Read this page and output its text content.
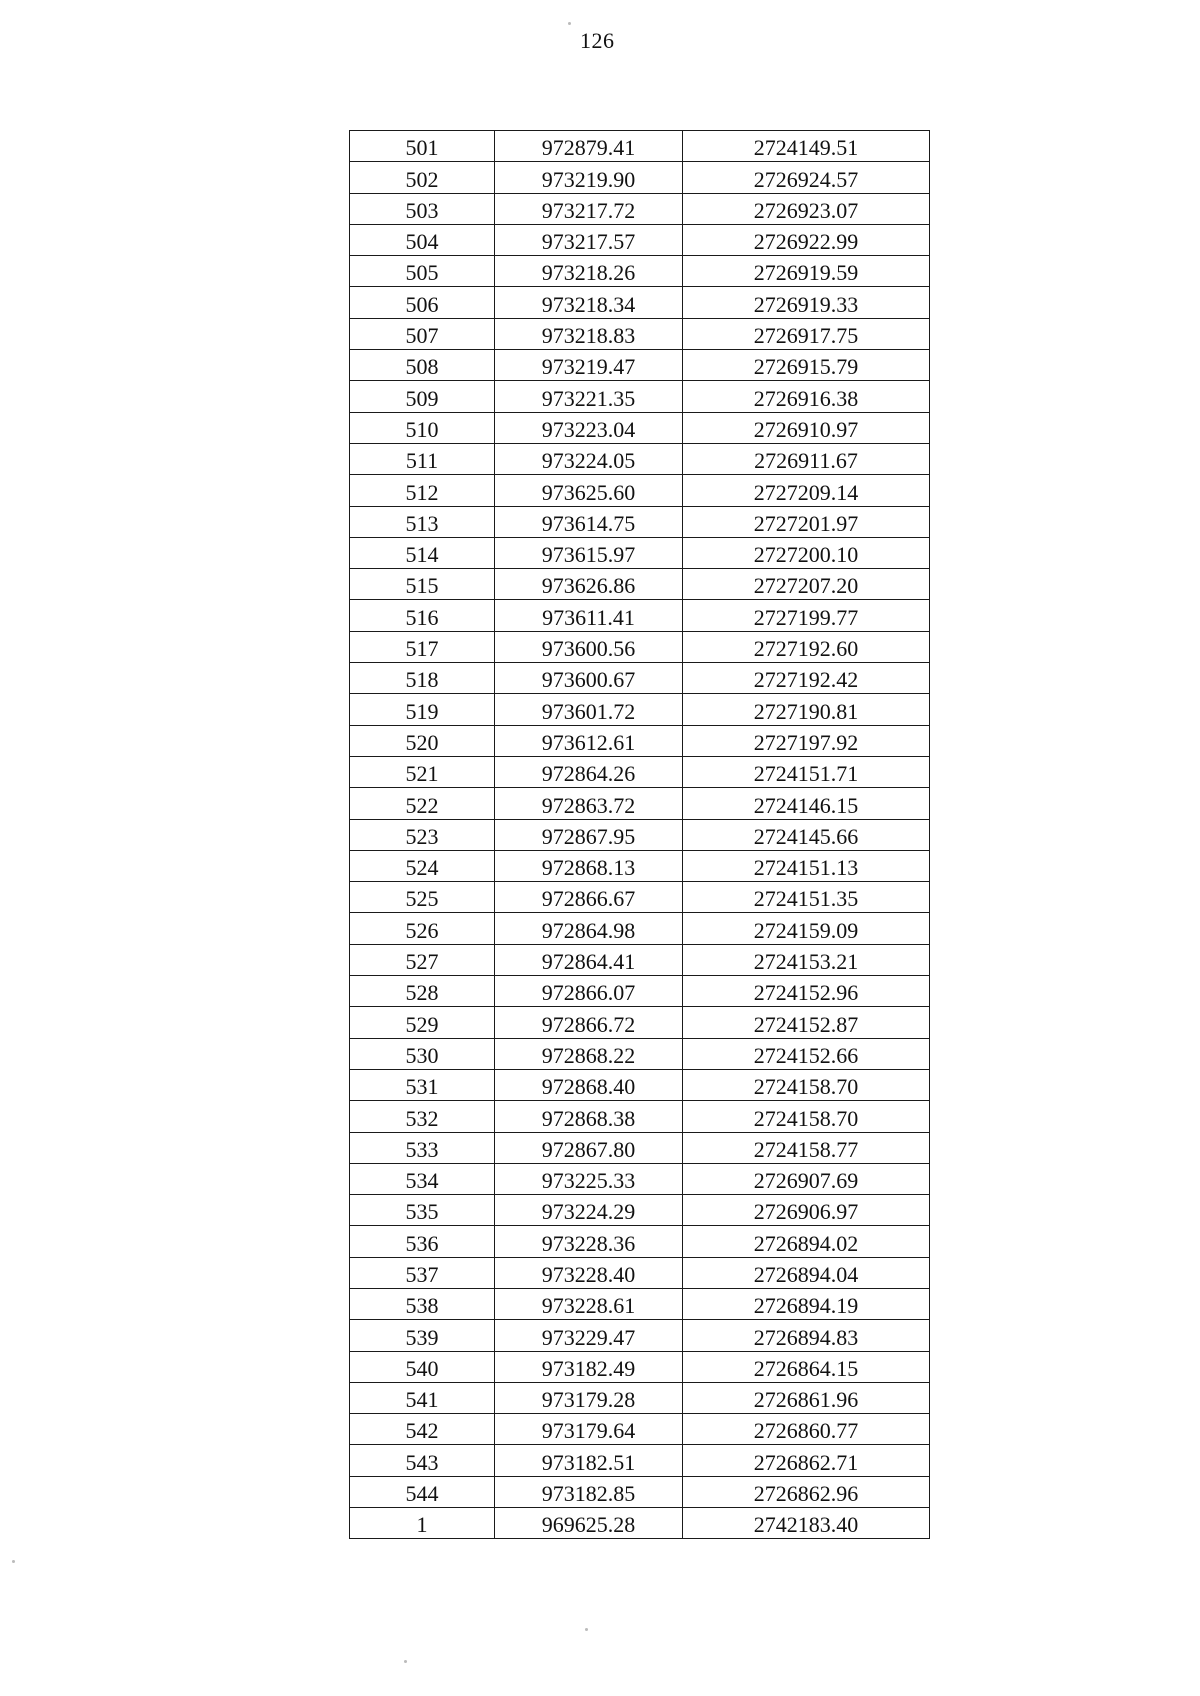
126
501	972879.41	2724149.51
502	973219.90	2726924.57
503	973217.72	2726923.07
504	973217.57	2726922.99
505	973218.26	2726919.59
506	973218.34	2726919.33
507	973218.83	2726917.75
508	973219.47	2726915.79
509	973221.35	2726916.38
510	973223.04	2726910.97
511	973224.05	2726911.67
512	973625.60	2727209.14
513	973614.75	2727201.97
514	973615.97	2727200.10
515	973626.86	2727207.20
516	973611.41	2727199.77
517	973600.56	2727192.60
518	973600.67	2727192.42
519	973601.72	2727190.81
520	973612.61	2727197.92
521	972864.26	2724151.71
522	972863.72	2724146.15
523	972867.95	2724145.66
524	972868.13	2724151.13
525	972866.67	2724151.35
526	972864.98	2724159.09
527	972864.41	2724153.21
528	972866.07	2724152.96
529	972866.72	2724152.87
530	972868.22	2724152.66
531	972868.40	2724158.70
532	972868.38	2724158.70
533	972867.80	2724158.77
534	973225.33	2726907.69
535	973224.29	2726906.97
536	973228.36	2726894.02
537	973228.40	2726894.04
538	973228.61	2726894.19
539	973229.47	2726894.83
540	973182.49	2726864.15
541	973179.28	2726861.96
542	973179.64	2726860.77
543	973182.51	2726862.71
544	973182.85	2726862.96
1	969625.28	2742183.40
